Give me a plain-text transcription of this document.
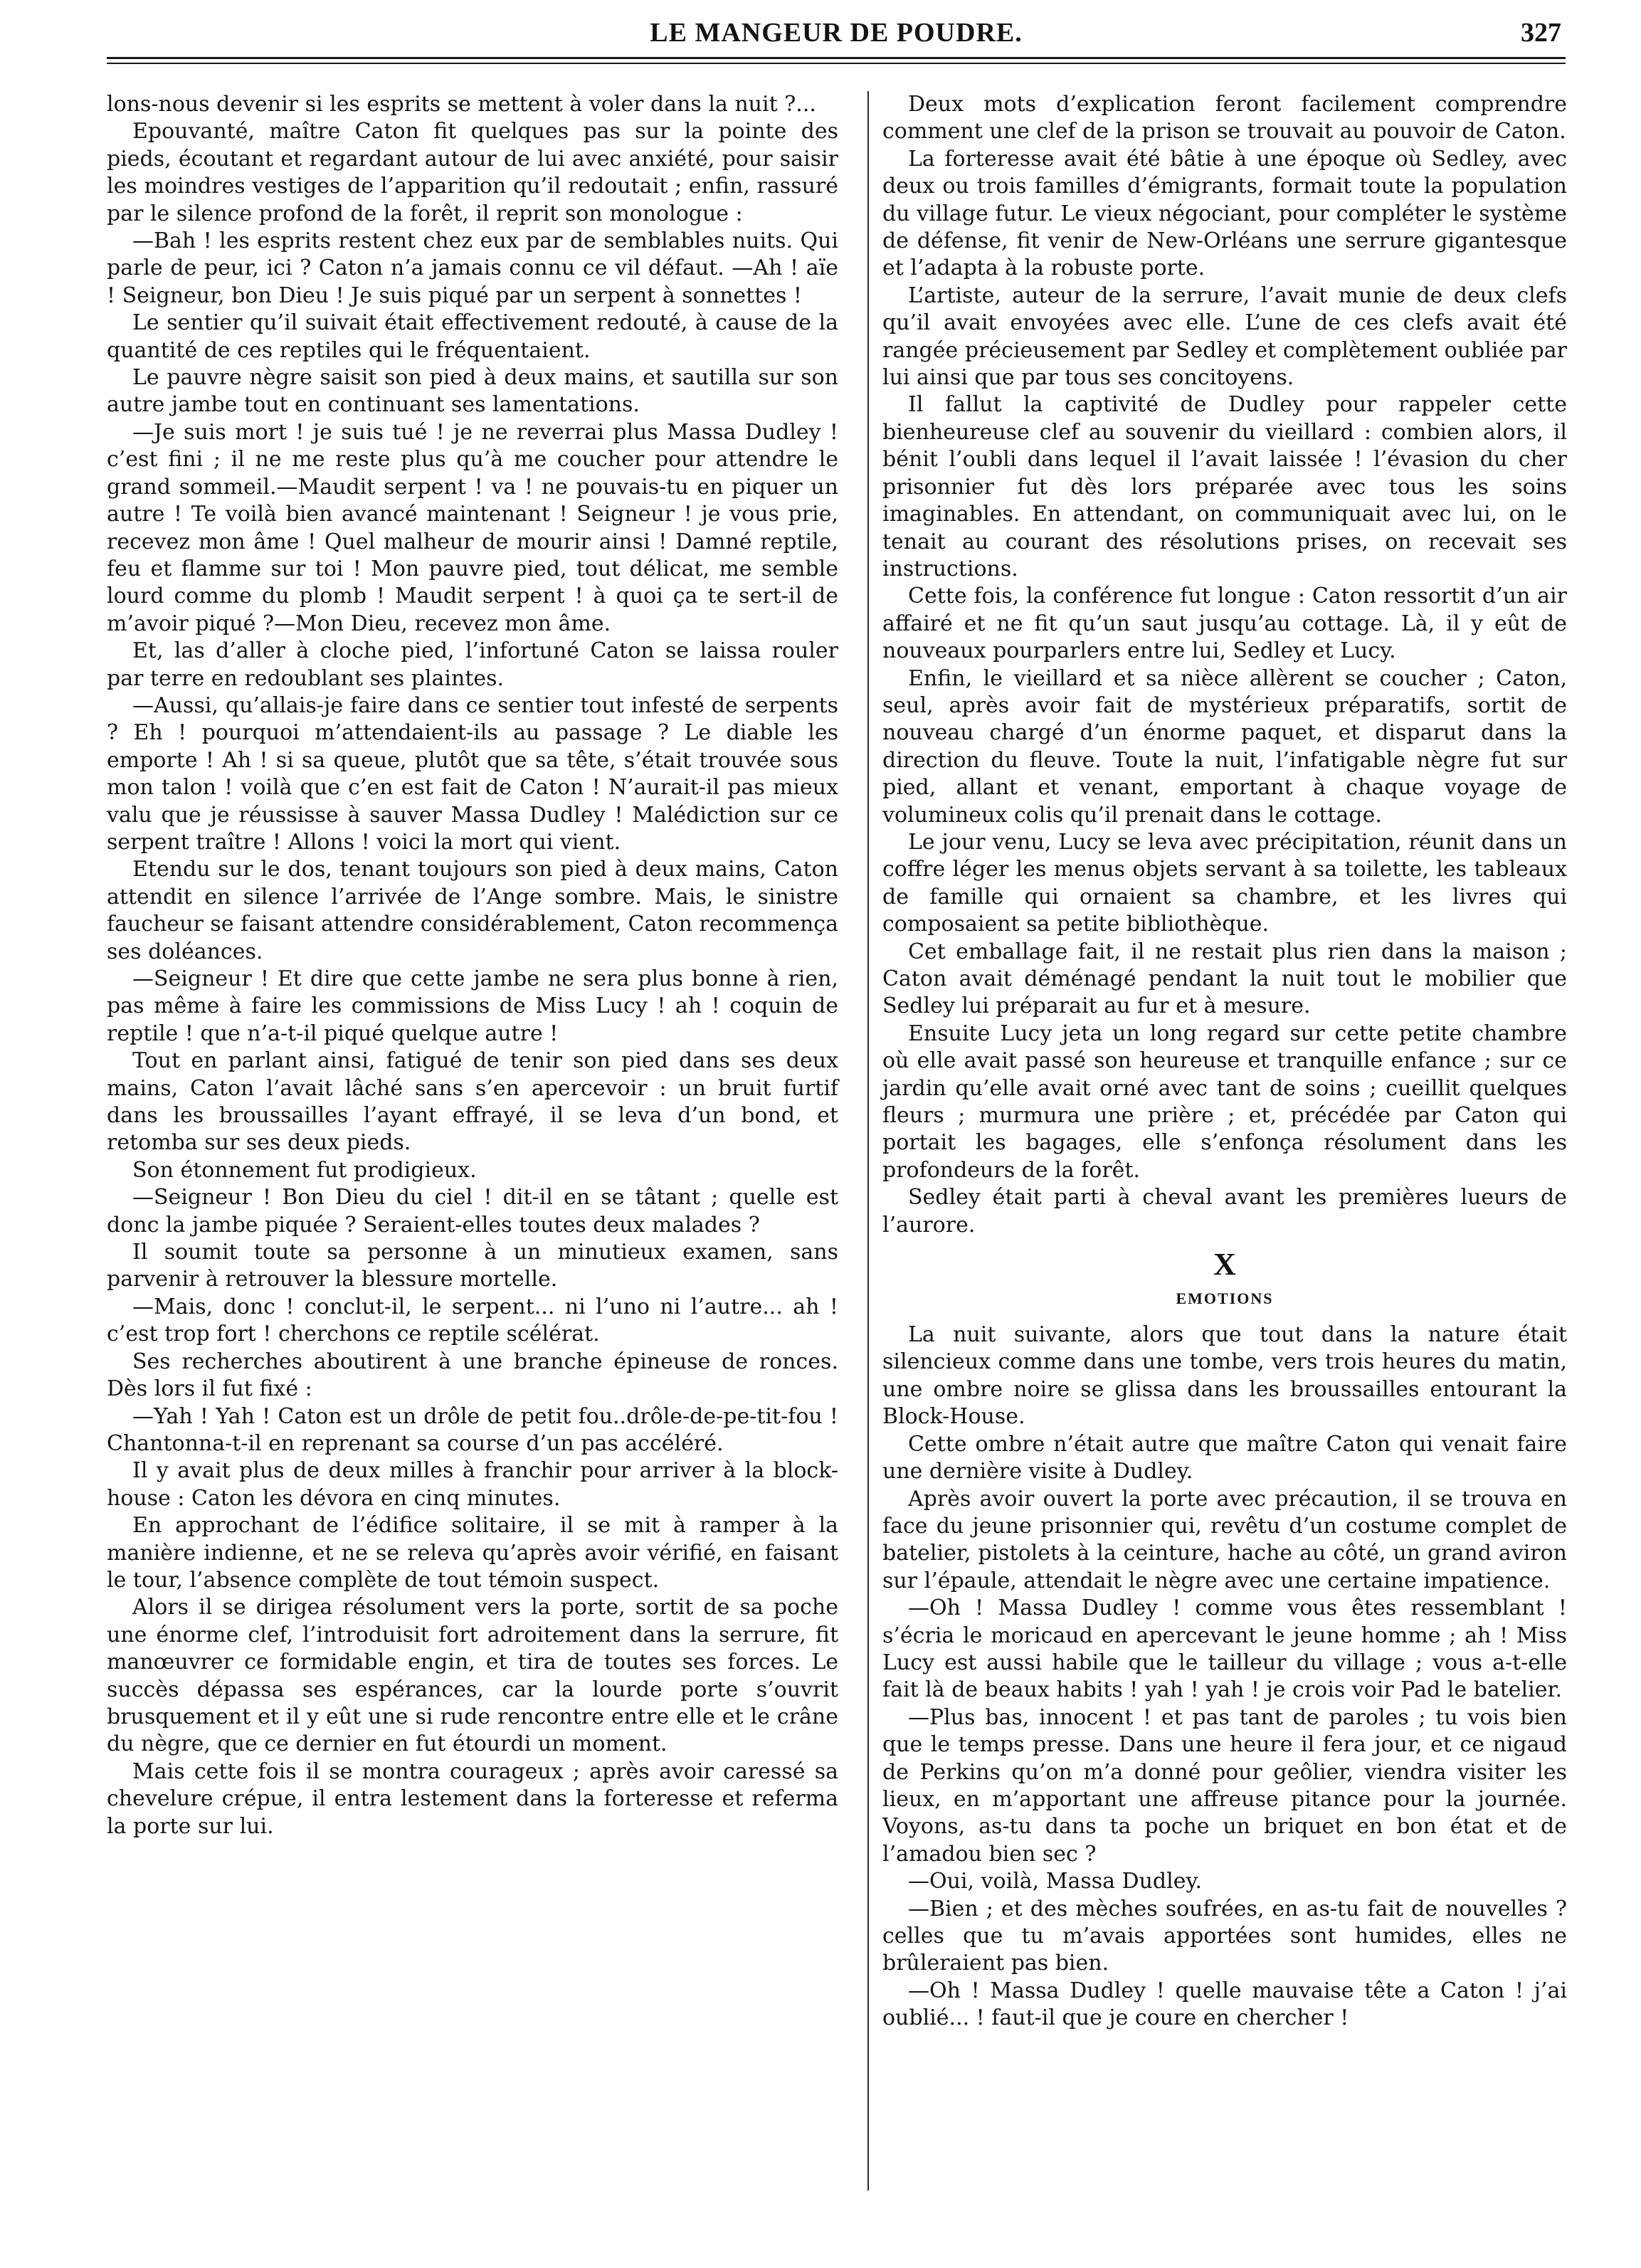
LE MANGEUR DE POUDRE.	327

lons-nous devenir si les esprits se mettent à voler dans la nuit ?...

Epouvanté, maître Caton fit quelques pas sur la pointe des pieds, écoutant et regardant autour de lui avec anxiété, pour saisir les moindres vestiges de l’apparition qu’il redoutait ; enfin, rassuré par le silence profond de la forêt, il reprit son monologue :

—Bah ! les esprits restent chez eux par de semblables nuits. Qui parle de peur, ici ? Caton n’a jamais connu ce vil défaut. —Ah ! aïe ! Seigneur, bon Dieu ! Je suis piqué par un serpent à sonnettes !

Le sentier qu’il suivait était effectivement redouté, à cause de la quantité de ces reptiles qui le fréquentaient.

Le pauvre nègre saisit son pied à deux mains, et sautilla sur son autre jambe tout en continuant ses lamentations.

—Je suis mort ! je suis tué ! je ne reverrai plus Massa Dudley ! c’est fini ; il ne me reste plus qu’à me coucher pour attendre le grand sommeil.—Maudit serpent ! va ! ne pouvais-tu en piquer un autre ! Te voilà bien avancé maintenant ! Seigneur ! je vous prie, recevez mon âme ! Quel malheur de mourir ainsi ! Damné reptile, feu et flamme sur toi ! Mon pauvre pied, tout délicat, me semble lourd comme du plomb ! Maudit serpent ! à quoi ça te sert-il de m’avoir piqué ?—Mon Dieu, recevez mon âme.

Et, las d’aller à cloche pied, l’infortuné Caton se laissa rouler par terre en redoublant ses plaintes.

—Aussi, qu’allais-je faire dans ce sentier tout infesté de serpents ? Eh ! pourquoi m’attendaient-ils au passage ? Le diable les emporte ! Ah ! si sa queue, plutôt que sa tête, s’était trouvée sous mon talon ! voilà que c’en est fait de Caton ! N’aurait-il pas mieux valu que je réussisse à sauver Massa Dudley ! Malédiction sur ce serpent traître ! Allons ! voici la mort qui vient.

Etendu sur le dos, tenant toujours son pied à deux mains, Caton attendit en silence l’arrivée de l’Ange sombre. Mais, le sinistre faucheur se faisant attendre considérablement, Caton recommença ses doléances.

—Seigneur ! Et dire que cette jambe ne sera plus bonne à rien, pas même à faire les commissions de Miss Lucy ! ah ! coquin de reptile ! que n’a-t-il piqué quelque autre !

Tout en parlant ainsi, fatigué de tenir son pied dans ses deux mains, Caton l’avait lâché sans s’en apercevoir : un bruit furtif dans les broussailles l’ayant effrayé, il se leva d’un bond, et retomba sur ses deux pieds.

Son étonnement fut prodigieux.

—Seigneur ! Bon Dieu du ciel ! dit-il en se tâtant ; quelle est donc la jambe piquée ? Seraient-elles toutes deux malades ?

Il soumit toute sa personne à un minutieux examen, sans parvenir à retrouver la blessure mortelle.

—Mais, donc ! conclut-il, le serpent... ni l’uno ni l’autre... ah ! c’est trop fort ! cherchons ce reptile scélérat.

Ses recherches aboutirent à une branche épineuse de ronces. Dès lors il fut fixé :

—Yah ! Yah ! Caton est un drôle de petit fou..drôle-de-pe-tit-fou ! Chantonna-t-il en reprenant sa course d’un pas accéléré.

Il y avait plus de deux milles à franchir pour arriver à la block-house : Caton les dévora en cinq minutes.

En approchant de l’édifice solitaire, il se mit à ramper à la manière indienne, et ne se releva qu’après avoir vérifié, en faisant le tour, l’absence complète de tout témoin suspect.

Alors il se dirigea résolument vers la porte, sortit de sa poche une énorme clef, l’introduisit fort adroitement dans la serrure, fit manœuvrer ce formidable engin, et tira de toutes ses forces. Le succès dépassa ses espérances, car la lourde porte s’ouvrit brusquement et il y eût une si rude rencontre entre elle et le crâne du nègre, que ce dernier en fut étourdi un moment.

Mais cette fois il se montra courageux ; après avoir caressé sa chevelure crépue, il entra lestement dans la forteresse et referma la porte sur lui.

Deux mots d’explication feront facilement comprendre comment une clef de la prison se trouvait au pouvoir de Caton.

La forteresse avait été bâtie à une époque où Sedley, avec deux ou trois familles d’émigrants, formait toute la population du village futur. Le vieux négociant, pour compléter le système de défense, fit venir de New-Orléans une serrure gigantesque et l’adapta à la robuste porte.

L’artiste, auteur de la serrure, l’avait munie de deux clefs qu’il avait envoyées avec elle. L’une de ces clefs avait été rangée précieusement par Sedley et complètement oubliée par lui ainsi que par tous ses concitoyens.

Il fallut la captivité de Dudley pour rappeler cette bienheureuse clef au souvenir du vieillard : combien alors, il bénit l’oubli dans lequel il l’avait laissée ! l’évasion du cher prisonnier fut dès lors préparée avec tous les soins imaginables. En attendant, on communiquait avec lui, on le tenait au courant des résolutions prises, on recevait ses instructions.

Cette fois, la conférence fut longue : Caton ressortit d’un air affairé et ne fit qu’un saut jusqu’au cottage. Là, il y eût de nouveaux pourparlers entre lui, Sedley et Lucy.

Enfin, le vieillard et sa nièce allèrent se coucher ; Caton, seul, après avoir fait de mystérieux préparatifs, sortit de nouveau chargé d’un énorme paquet, et disparut dans la direction du fleuve. Toute la nuit, l’infatigable nègre fut sur pied, allant et venant, emportant à chaque voyage de volumineux colis qu’il prenait dans le cottage.

Le jour venu, Lucy se leva avec précipitation, réunit dans un coffre léger les menus objets servant à sa toilette, les tableaux de famille qui ornaient sa chambre, et les livres qui composaient sa petite bibliothèque.

Cet emballage fait, il ne restait plus rien dans la maison ; Caton avait déménagé pendant la nuit tout le mobilier que Sedley lui préparait au fur et à mesure.

Ensuite Lucy jeta un long regard sur cette petite chambre où elle avait passé son heureuse et tranquille enfance ; sur ce jardin qu’elle avait orné avec tant de soins ; cueillit quelques fleurs ; murmura une prière ; et, précédée par Caton qui portait les bagages, elle s’enfonça résolument dans les profondeurs de la forêt.

Sedley était parti à cheval avant les premières lueurs de l’aurore.

X
EMOTIONS

La nuit suivante, alors que tout dans la nature était silencieux comme dans une tombe, vers trois heures du matin, une ombre noire se glissa dans les broussailles entourant la Block-House.

Cette ombre n’était autre que maître Caton qui venait faire une dernière visite à Dudley.

Après avoir ouvert la porte avec précaution, il se trouva en face du jeune prisonnier qui, revêtu d’un costume complet de batelier, pistolets à la ceinture, hache au côté, un grand aviron sur l’épaule, attendait le nègre avec une certaine impatience.

—Oh ! Massa Dudley ! comme vous êtes ressemblant ! s’écria le moricaud en apercevant le jeune homme ; ah ! Miss Lucy est aussi habile que le tailleur du village ; vous a-t-elle fait là de beaux habits ! yah ! yah ! je crois voir Pad le batelier.

—Plus bas, innocent ! et pas tant de paroles ; tu vois bien que le temps presse. Dans une heure il fera jour, et ce nigaud de Perkins qu’on m’a donné pour geôlier, viendra visiter les lieux, en m’apportant une affreuse pitance pour la journée. Voyons, as-tu dans ta poche un briquet en bon état et de l’amadou bien sec ?

—Oui, voilà, Massa Dudley.

—Bien ; et des mèches soufrées, en as-tu fait de nouvelles ? celles que tu m’avais apportées sont humides, elles ne brûleraient pas bien.

—Oh ! Massa Dudley ! quelle mauvaise tête a Caton ! j’ai oublié... ! faut-il que je coure en chercher !
